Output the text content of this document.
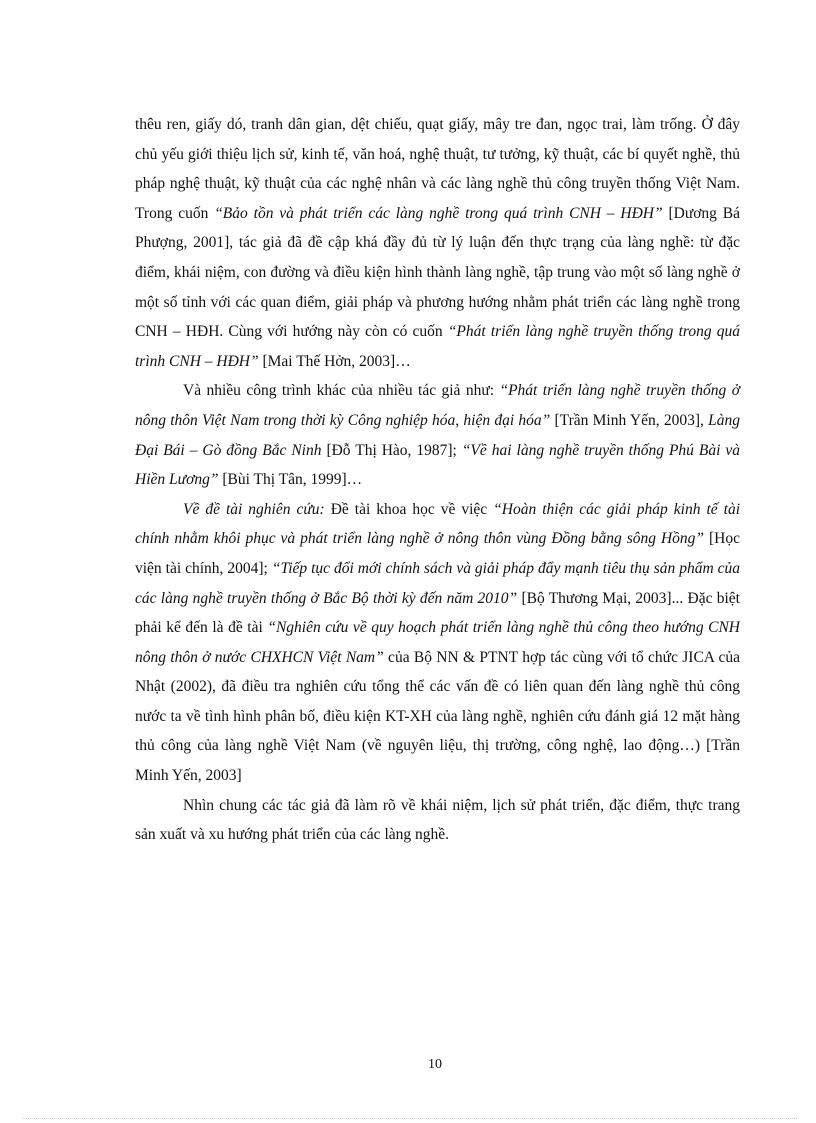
thêu ren, giấy dó, tranh dân gian, dệt chiếu, quạt giấy, mây tre đan, ngọc trai, làm trống. Ở đây chủ yếu giới thiệu lịch sử, kinh tế, văn hoá, nghệ thuật, tư tưởng, kỹ thuật, các bí quyết nghề, thủ pháp nghệ thuật, kỹ thuật của các nghệ nhân và các làng nghề thủ công truyền thống Việt Nam. Trong cuốn “Bảo tồn và phát triển các làng nghề trong quá trình CNH – HĐH” [Dương Bá Phượng, 2001], tác giả đã đề cập khá đầy đủ từ lý luận đến thực trạng của làng nghề: từ đặc điểm, khái niệm, con đường và điều kiện hình thành làng nghề, tập trung vào một số làng nghề ở một số tỉnh với các quan điểm, giải pháp và phương hướng nhằm phát triển các làng nghề trong CNH – HĐH. Cùng với hướng này còn có cuốn “Phát triển làng nghề truyền thống trong quá trình CNH – HĐH” [Mai Thế Hởn, 2003]…

Và nhiều công trình khác của nhiều tác giả như: “Phát triển làng nghề truyền thống ở nông thôn Việt Nam trong thời kỳ Công nghiệp hóa, hiện đại hóa” [Trần Minh Yến, 2003], Làng Đại Bái – Gò đồng Bắc Ninh [Đỗ Thị Hào, 1987]; “Về hai làng nghề truyền thống Phú Bài và Hiền Lương” [Bùi Thị Tân, 1999]…

Về đề tài nghiên cứu: Đề tài khoa học về việc “Hoàn thiện các giải pháp kinh tế tài chính nhằm khôi phục và phát triển làng nghề ở nông thôn vùng Đồng bằng sông Hồng” [Học viện tài chính, 2004]; “Tiếp tục đổi mới chính sách và giải pháp đẩy mạnh tiêu thụ sản phẩm của các làng nghề truyền thống ở Bắc Bộ thời kỳ đến năm 2010” [Bộ Thương Mại, 2003]... Đặc biệt phải kể đến là đề tài “Nghiên cứu về quy hoạch phát triển làng nghề thủ công theo hướng CNH nông thôn ở nước CHXHCN Việt Nam” của Bộ NN & PTNT hợp tác cùng với tổ chức JICA của Nhật (2002), đã điều tra nghiên cứu tổng thể các vấn đề có liên quan đến làng nghề thủ công nước ta về tình hình phân bố, điều kiện KT-XH của làng nghề, nghiên cứu đánh giá 12 mặt hàng thủ công của làng nghề Việt Nam (về nguyên liệu, thị trường, công nghệ, lao động…) [Trần Minh Yến, 2003]

Nhìn chung các tác giả đã làm rõ về khái niệm, lịch sử phát triển, đặc điểm, thực trang sản xuất và xu hướng phát triển của các làng nghề.

10
